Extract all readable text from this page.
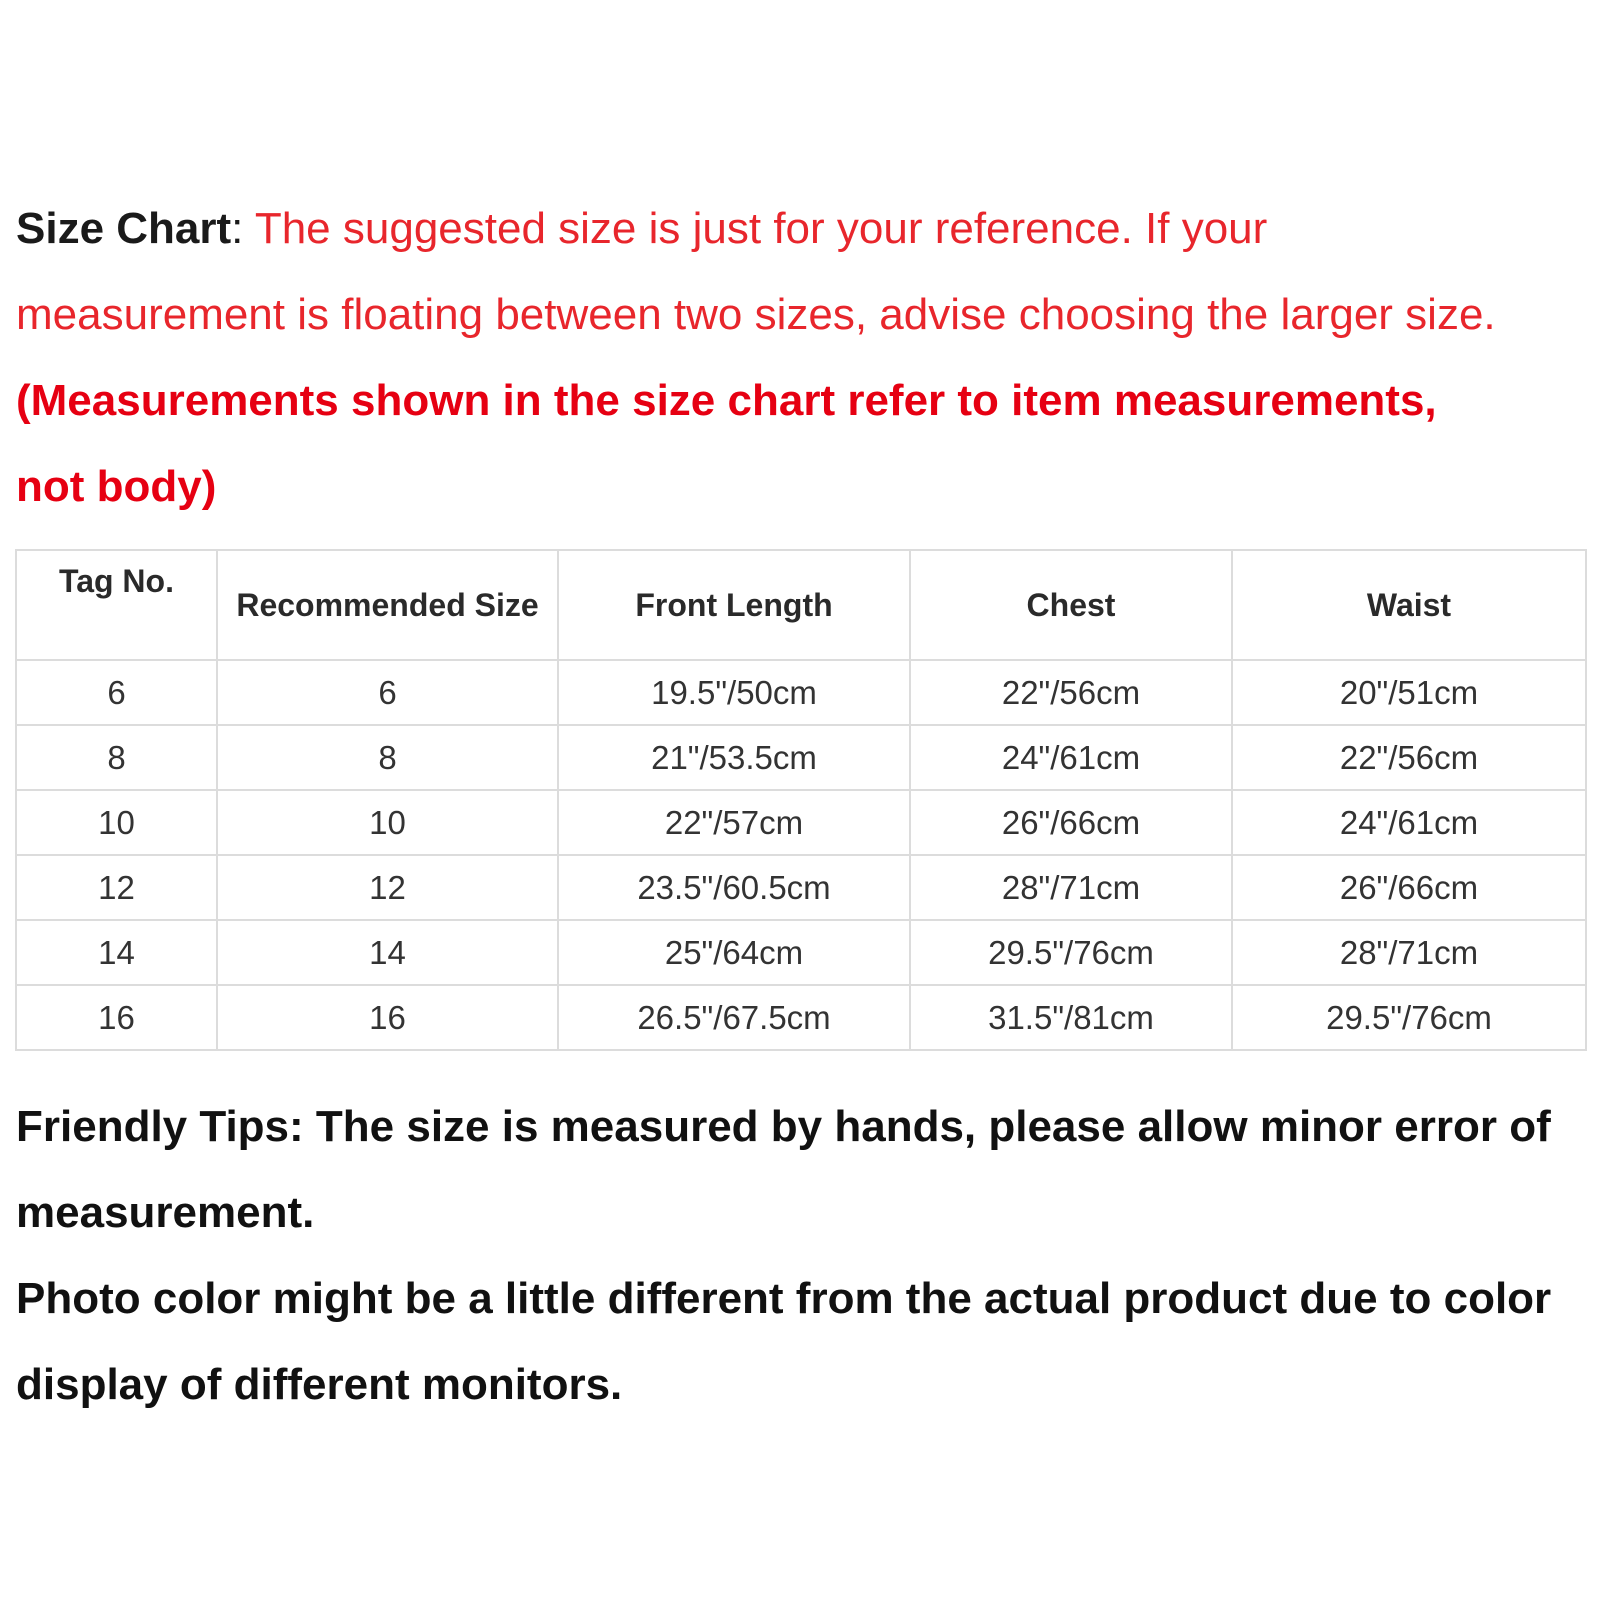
Size Chart: The suggested size is just for your reference. If your measurement is floating between two sizes, advise choosing the larger size. (Measurements shown in the size chart refer to item measurements, not body)

Tag No.	Recommended Size	Front Length	Chest	Waist
6	6	19.5"/50cm	22"/56cm	20"/51cm
8	8	21"/53.5cm	24"/61cm	22"/56cm
10	10	22"/57cm	26"/66cm	24"/61cm
12	12	23.5"/60.5cm	28"/71cm	26"/66cm
14	14	25"/64cm	29.5"/76cm	28"/71cm
16	16	26.5"/67.5cm	31.5"/81cm	29.5"/76cm

Friendly Tips: The size is measured by hands, please allow minor error of measurement.

Photo color might be a little different from the actual product due to color display of different monitors.
